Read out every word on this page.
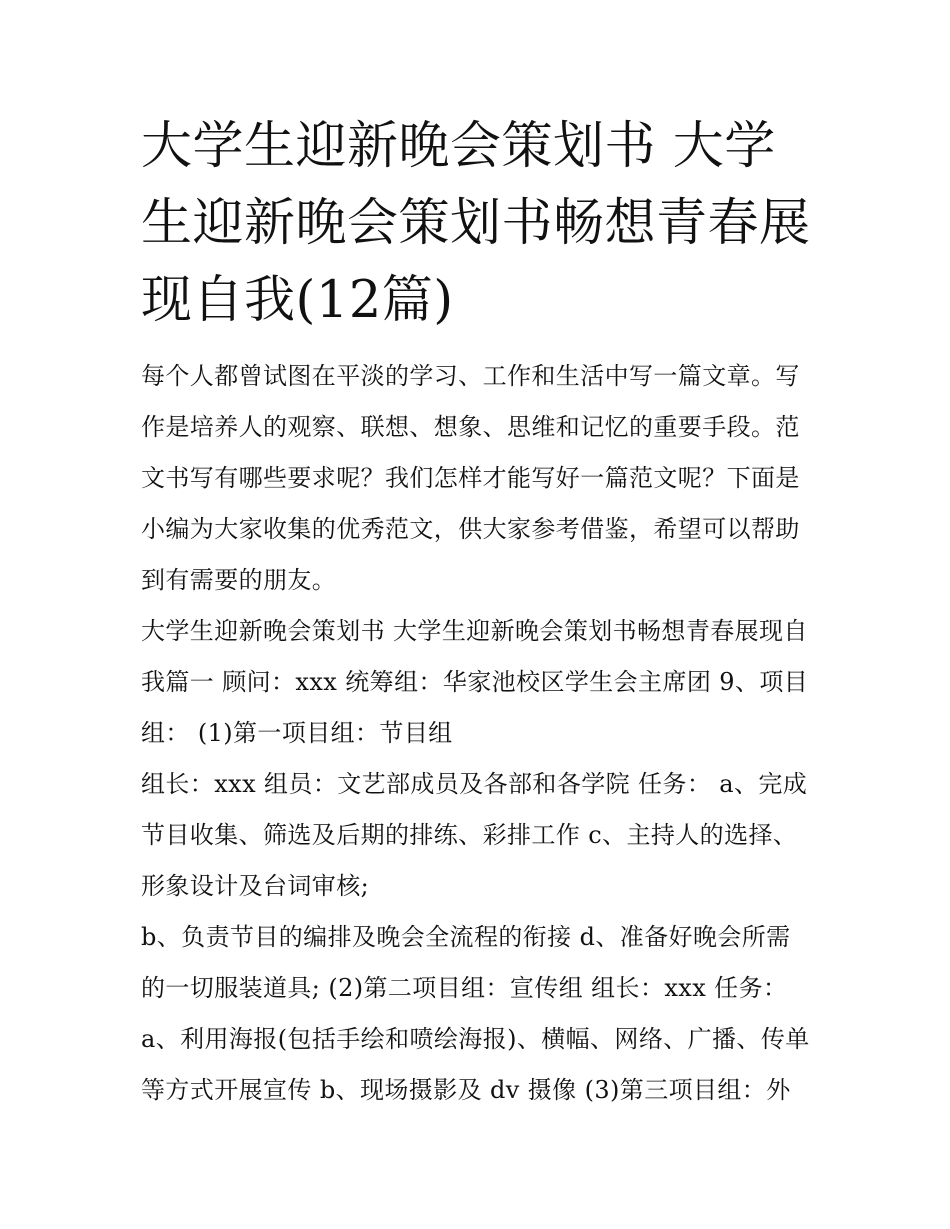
大学生迎新晚会策划书 大学生迎新晚会策划书畅想青春展现自我(12篇)

每个人都曾试图在平淡的学习、工作和生活中写一篇文章。写作是培养人的观察、联想、想象、思维和记忆的重要手段。范文书写有哪些要求呢？我们怎样才能写好一篇范文呢？下面是小编为大家收集的优秀范文，供大家参考借鉴，希望可以帮助到有需要的朋友。

大学生迎新晚会策划书 大学生迎新晚会策划书畅想青春展现自我篇一 顾问：xxx 统筹组：华家池校区学生会主席团 9、项目组： (1)第一项目组：节目组

组长：xxx 组员：文艺部成员及各部和各学院 任务： a、完成节目收集、筛选及后期的排练、彩排工作 c、主持人的选择、形象设计及台词审核;

b、负责节目的编排及晚会全流程的衔接 d、准备好晚会所需的一切服装道具; (2)第二项目组：宣传组 组长：xxx 任务：

a、利用海报(包括手绘和喷绘海报)、横幅、网络、广播、传单等方式开展宣传 b、现场摄影及 dv 摄像 (3)第三项目组：外
